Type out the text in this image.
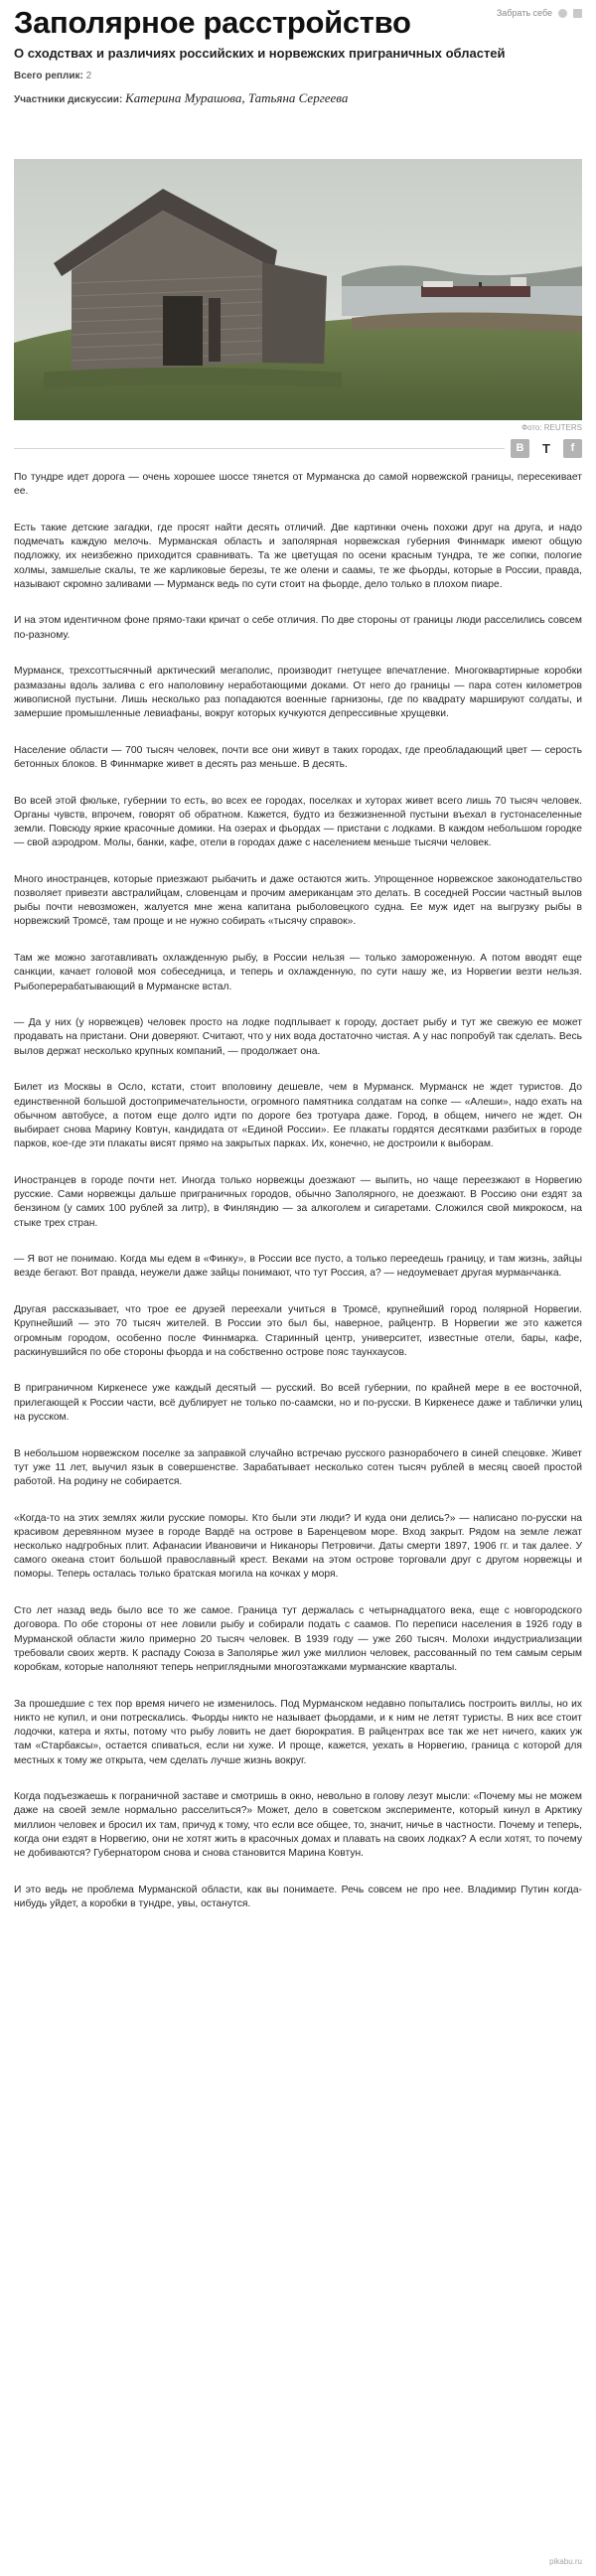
Заполярное расстройство	Забрать себе

О сходствах и различиях российских и норвежских приграничных областей

Всего реплик: 2
Участники дискуссии: Катерина Мурашова, Татьяна Сергеева
Фото: REUTERS
В	T	f

По тундре идет дорога — очень хорошее шоссе тянется от Мурманска до самой норвежской границы, пересекивает ее.

Есть такие детские загадки, где просят найти десять отличий. Две картинки очень похожи друг на друга, и надо подмечать каждую мелочь. Мурманская область и заполярная норвежская губерния Финнмарк имеют общую подложку, их неизбежно приходится сравнивать. Та же цветущая по осени красным тундра, те же сопки, пологие холмы, замшелые скалы, те же карликовые березы, те же олени и саамы, те же фьорды, которые в России, правда, называют скромно заливами — Мурманск ведь по сути стоит на фьорде, дело только в плохом пиаре.

И на этом идентичном фоне прямо-таки кричат о себе отличия. По две стороны от границы люди расселились совсем по-разному.

Мурманск, трехсоттысячный арктический мегаполис, производит гнетущее впечатление. Многоквартирные коробки размазаны вдоль залива с его наполовину неработающими доками. От него до границы — пара сотен километров живописной пустыни. Лишь несколько раз попадаются военные гарнизоны, где по квадрату маршируют солдаты, и замершие промышленные левиафаны, вокруг которых кучкуются депрессивные хрущевки.

Население области — 700 тысяч человек, почти все они живут в таких городах, где преобладающий цвет — серость бетонных блоков. В Финнмарке живет в десять раз меньше. В десять.

Во всей этой фюльке, губернии то есть, во всех ее городах, поселках и хуторах живет всего лишь 70 тысяч человек. Органы чувств, впрочем, говорят об обратном. Кажется, будто из безжизненной пустыни въехал в густонаселенные земли. Повсюду яркие красочные домики. На озерах и фьордах — пристани с лодками. В каждом небольшом городке — свой аэродром. Молы, банки, кафе, отели в городах даже с населением меньше тысячи человек.

Много иностранцев, которые приезжают рыбачить и даже остаются жить. Упрощенное норвежское законодательство позволяет привезти австралийцам, словенцам и прочим американцам это делать. В соседней России частный вылов рыбы почти невозможен, жалуется мне жена капитана рыболовецкого судна. Ее муж идет на выгрузку рыбы в норвежский Тромсё, там проще и не нужно собирать «тысячу справок».

Там же можно заготавливать охлажденную рыбу, в России нельзя — только замороженную. А потом вводят еще санкции, качает головой моя собеседница, и теперь и охлажденную, по сути нашу же, из Норвегии везти нельзя. Рыбоперерабатывающий в Мурманске встал.

— Да у них (у норвежцев) человек просто на лодке подплывает к городу, достает рыбу и тут же свежую ее может продавать на пристани. Они доверяют. Считают, что у них вода достаточно чистая. А у нас попробуй так сделать. Весь вылов держат несколько крупных компаний, — продолжает она.

Билет из Москвы в Осло, кстати, стоит вполовину дешевле, чем в Мурманск. Мурманск не ждет туристов. До единственной большой достопримечательности, огромного памятника солдатам на сопке — «Алеши», надо ехать на обычном автобусе, а потом еще долго идти по дороге без тротуара даже. Город, в общем, ничего не ждет. Он выбирает снова Марину Ковтун, кандидата от «Единой России». Ее плакаты гордятся десятками разбитых в городе парков, кое-где эти плакаты висят прямо на закрытых парках. Их, конечно, не достроили к выборам.

Иностранцев в городе почти нет. Иногда только норвежцы доезжают — выпить, но чаще переезжают в Норвегию русские. Сами норвежцы дальше приграничных городов, обычно Заполярного, не доезжают. В Россию они ездят за бензином (у самих 100 рублей за литр), в Финляндию — за алкоголем и сигаретами. Сложился свой микрокосм, на стыке трех стран.

— Я вот не понимаю. Когда мы едем в «Финку», в России все пусто, а только переедешь границу, и там жизнь, зайцы везде бегают. Вот правда, неужели даже зайцы понимают, что тут Россия, а? — недоумевает другая мурманчанка.

Другая рассказывает, что трое ее друзей переехали учиться в Тромсё, крупнейший город полярной Норвегии. Крупнейший — это 70 тысяч жителей. В России это был бы, наверное, райцентр. В Норвегии же это кажется огромным городом, особенно после Финнмарка. Старинный центр, университет, известные отели, бары, кафе, раскинувшийся по обе стороны фьорда и на собственно острове пояс таунхаусов.

В приграничном Киркенесе уже каждый десятый — русский. Во всей губернии, по крайней мере в ее восточной, прилегающей к России части, всё дублирует не только по-саамски, но и по-русски. В Киркенесе даже и таблички улиц на русском.

В небольшом норвежском поселке за заправкой случайно встречаю русского разнорабочего в синей спецовке. Живет тут уже 11 лет, выучил язык в совершенстве. Зарабатывает несколько сотен тысяч рублей в месяц своей простой работой. На родину не собирается.

«Когда-то на этих землях жили русские поморы. Кто были эти люди? И куда они делись?» — написано по-русски на красивом деревянном музее в городе Вардё на острове в Баренцевом море. Вход закрыт. Рядом на земле лежат несколько надгробных плит. Афанасии Ивановичи и Никаноры Петровичи. Даты смерти 1897, 1906 гг. и так далее. У самого океана стоит большой православный крест. Веками на этом острове торговали друг с другом норвежцы и поморы. Теперь осталась только братская могила на кочках у моря.

Сто лет назад ведь было все то же самое. Граница тут держалась с четырнадцатого века, еще с новгородского договора. По обе стороны от нее ловили рыбу и собирали подать с саамов. По переписи населения в 1926 году в Мурманской области жило примерно 20 тысяч человек. В 1939 году — уже 260 тысяч. Молохи индустриализации требовали своих жертв. К распаду Союза в Заполярье жил уже миллион человек, рассованный по тем самым серым коробкам, которые наполняют теперь неприглядными многоэтажками мурманские кварталы.

За прошедшие с тех пор время ничего не изменилось. Под Мурманском недавно попытались построить виллы, но их никто не купил, и они потрескались. Фьорды никто не называет фьордами, и к ним не летят туристы. В них все стоит лодочки, катера и яхты, потому что рыбу ловить не дает бюрократия. В райцентрах все так же нет ничего, каких уж там «Старбаксы», остается спиваться, если ни хуже. И проще, кажется, уехать в Норвегию, граница с которой для местных к тому же открыта, чем сделать лучше жизнь вокруг.

Когда подъезжаешь к пограничной заставе и смотришь в окно, невольно в голову лезут мысли: «Почему мы не можем даже на своей земле нормально расселиться?» Может, дело в советском эксперименте, который кинул в Арктику миллион человек и бросил их там, причуд к тому, что если все общее, то, значит, ничье в частности. Почему и теперь, когда они ездят в Норвегию, они не хотят жить в красочных домах и плавать на своих лодках? А если хотят, то почему не добиваются? Губернатором снова и снова становится Марина Ковтун.

И это ведь не проблема Мурманской области, как вы понимаете. Речь совсем не про нее. Владимир Путин когда-нибудь уйдет, а коробки в тундре, увы, останутся.

pikabu.ru
